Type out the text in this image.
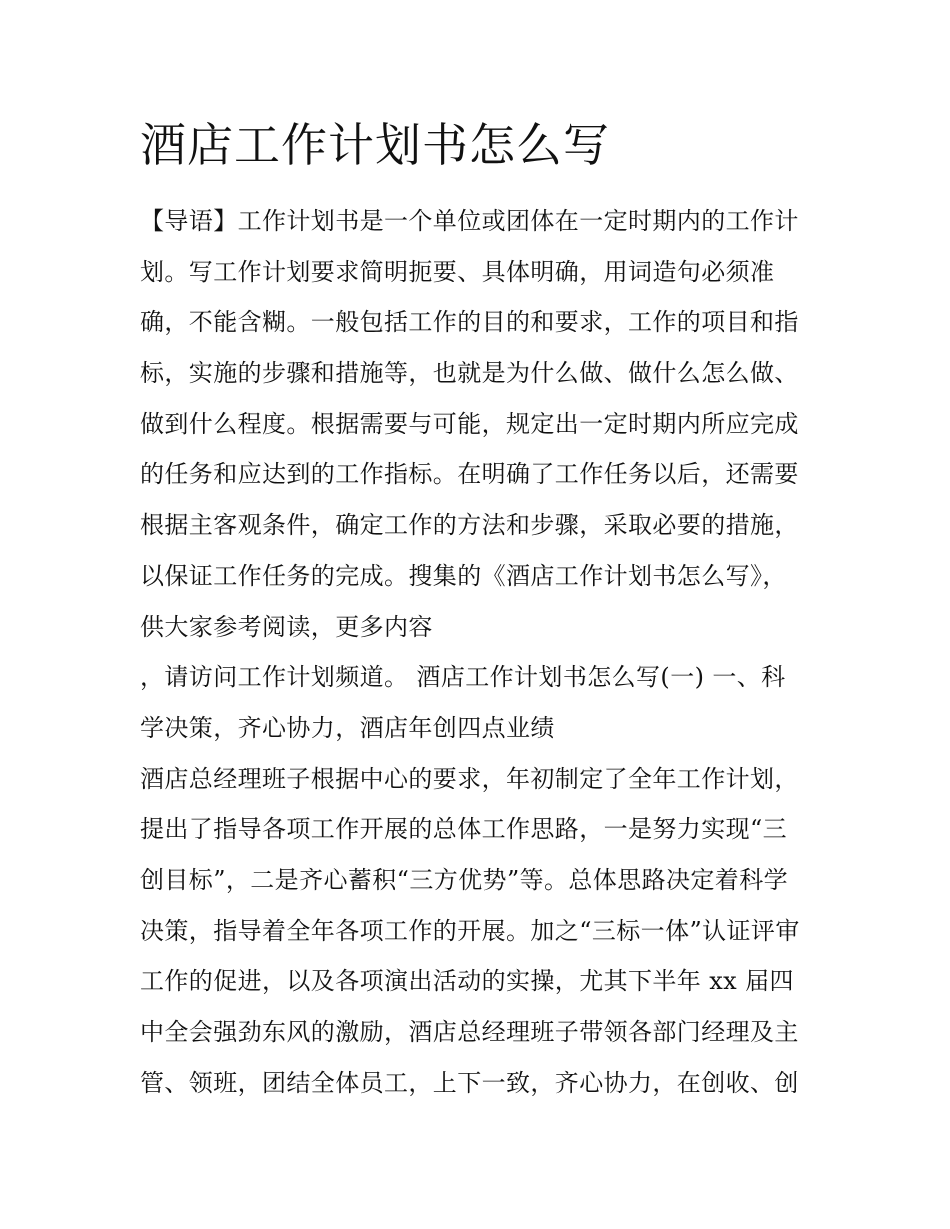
酒店工作计划书怎么写
【导语】工作计划书是一个单位或团体在一定时期内的工作计
划。写工作计划要求简明扼要、具体明确，用词造句必须准
确，不能含糊。一般包括工作的目的和要求，工作的项目和指
标，实施的步骤和措施等，也就是为什么做、做什么怎么做、
做到什么程度。根据需要与可能，规定出一定时期内所应完成
的任务和应达到的工作指标。在明确了工作任务以后，还需要
根据主客观条件，确定工作的方法和步骤，采取必要的措施，
以保证工作任务的完成。搜集的《酒店工作计划书怎么写》，
供大家参考阅读，更多内容
，请访问工作计划频道。 酒店工作计划书怎么写(一) 一、科
学决策，齐心协力，酒店年创四点业绩
酒店总经理班子根据中心的要求，年初制定了全年工作计划，
提出了指导各项工作开展的总体工作思路，一是努力实现“三
创目标”，二是齐心蓄积“三方优势”等。总体思路决定着科学
决策，指导着全年各项工作的开展。加之“三标一体”认证评审
工作的促进，以及各项演出活动的实操，尤其下半年 xx 届四
中全会强劲东风的激励，酒店总经理班子带领各部门经理及主
管、领班，团结全体员工，上下一致，齐心协力，在创收、创
